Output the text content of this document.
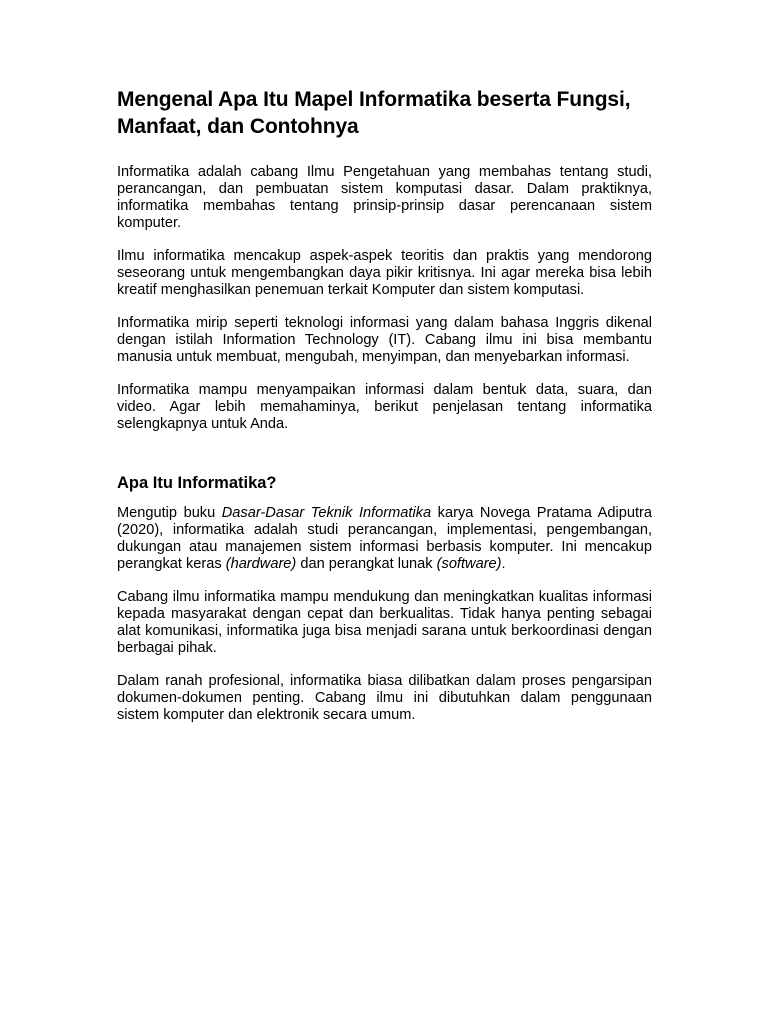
Mengenal Apa Itu Mapel Informatika beserta Fungsi, Manfaat, dan Contohnya

Informatika adalah cabang Ilmu Pengetahuan yang membahas tentang studi, perancangan, dan pembuatan sistem komputasi dasar. Dalam praktiknya, informatika membahas tentang prinsip-prinsip dasar perencanaan sistem komputer.

Ilmu informatika mencakup aspek-aspek teoritis dan praktis yang mendorong seseorang untuk mengembangkan daya pikir kritisnya. Ini agar mereka bisa lebih kreatif menghasilkan penemuan terkait Komputer dan sistem komputasi.

Informatika mirip seperti teknologi informasi yang dalam bahasa Inggris dikenal dengan istilah Information Technology (IT). Cabang ilmu ini bisa membantu manusia untuk membuat, mengubah, menyimpan, dan menyebarkan informasi.

Informatika mampu menyampaikan informasi dalam bentuk data, suara, dan video. Agar lebih memahaminya, berikut penjelasan tentang informatika selengkapnya untuk Anda.

Apa Itu Informatika?

Mengutip buku Dasar-Dasar Teknik Informatika karya Novega Pratama Adiputra (2020), informatika adalah studi perancangan, implementasi, pengembangan, dukungan atau manajemen sistem informasi berbasis komputer. Ini mencakup perangkat keras (hardware) dan perangkat lunak (software).

Cabang ilmu informatika mampu mendukung dan meningkatkan kualitas informasi kepada masyarakat dengan cepat dan berkualitas. Tidak hanya penting sebagai alat komunikasi, informatika juga bisa menjadi sarana untuk berkoordinasi dengan berbagai pihak.

Dalam ranah profesional, informatika biasa dilibatkan dalam proses pengarsipan dokumen-dokumen penting. Cabang ilmu ini dibutuhkan dalam penggunaan sistem komputer dan elektronik secara umum.
